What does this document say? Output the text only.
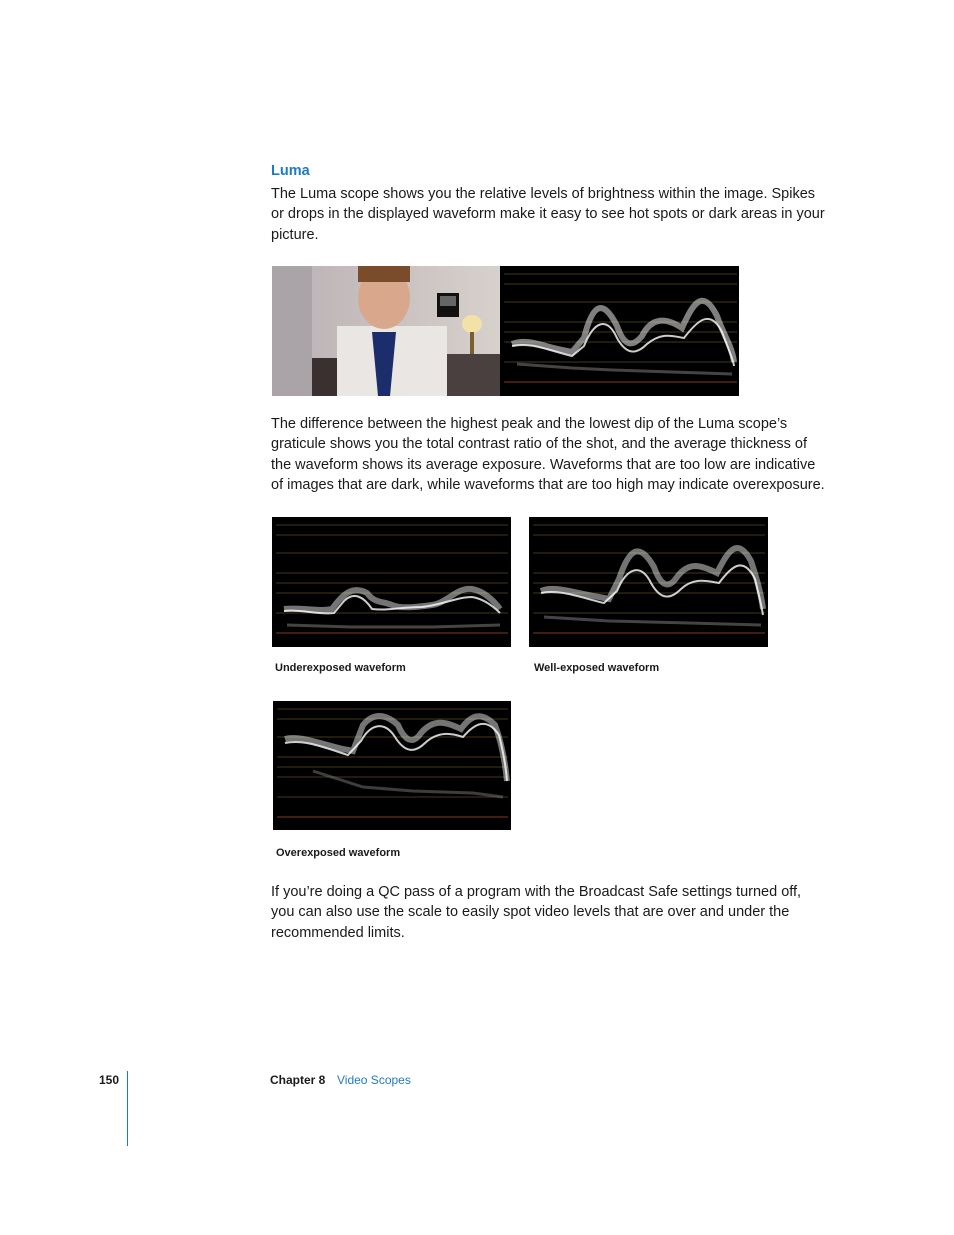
Luma
The Luma scope shows you the relative levels of brightness within the image. Spikes or drops in the displayed waveform make it easy to see hot spots or dark areas in your picture.
The difference between the highest peak and the lowest dip of the Luma scope’s graticule shows you the total contrast ratio of the shot, and the average thickness of the waveform shows its average exposure. Waveforms that are too low are indicative of images that are dark, while waveforms that are too high may indicate overexposure.
Underexposed waveform	Well-exposed waveform
Overexposed waveform
If you’re doing a QC pass of a program with the Broadcast Safe settings turned off, you can also use the scale to easily spot video levels that are over and under the recommended limits.
150	Chapter 8 Video Scopes
